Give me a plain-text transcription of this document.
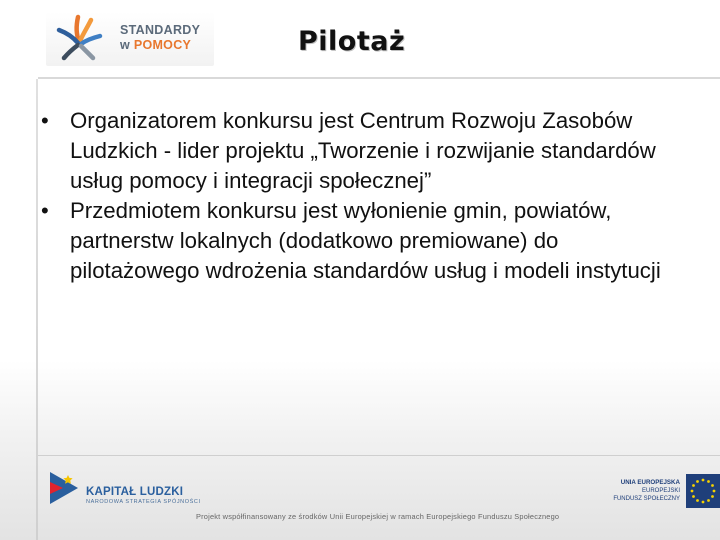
STANDARDY
w POMOCY	Pilotaż
• Organizatorem konkursu jest Centrum Rozwoju Zasobów Ludzkich - lider projektu „Tworzenie i rozwijanie standardów usług pomocy i integracji społecznej”
• Przedmiotem konkursu jest wyłonienie gmin, powiatów, partnerstw lokalnych (dodatkowo premiowane) do pilotażowego wdrożenia standardów usług i modeli instytucji
KAPITAŁ LUDZKI
NARODOWA STRATEGIA SPÓJNOŚCI
Projekt współfinansowany ze środków Unii Europejskiej w ramach Europejskiego Funduszu Społecznego
UNIA EUROPEJSKA
EUROPEJSKI
FUNDUSZ SPOŁECZNY
